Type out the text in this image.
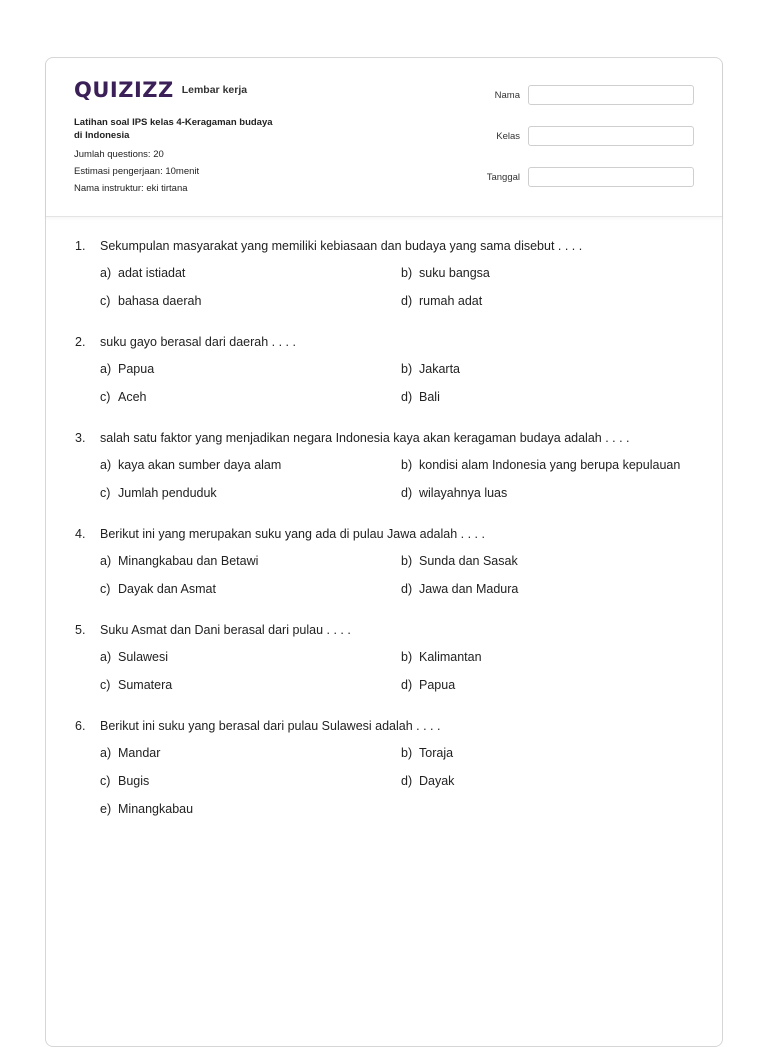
QUIZIZZ Lembar kerja
Latihan soal IPS kelas 4-Keragaman budaya
di Indonesia
Jumlah questions: 20
Estimasi pengerjaan: 10menit
Nama instruktur: eki tirtana
Nama
Kelas
Tanggal
1.	Sekumpulan masyarakat yang memiliki kebiasaan dan budaya yang sama disebut . . . .
a) adat istiadat	b) suku bangsa
c) bahasa daerah	d) rumah adat
2.	suku gayo berasal dari daerah . . . .
a) Papua	b) Jakarta
c) Aceh	d) Bali
3.	salah satu faktor yang menjadikan negara Indonesia kaya akan keragaman budaya adalah . . . .
a) kaya akan sumber daya alam	b) kondisi alam Indonesia yang berupa kepulauan
c) Jumlah penduduk	d) wilayahnya luas
4.	Berikut ini yang merupakan suku yang ada di pulau Jawa adalah . . . .
a) Minangkabau dan Betawi	b) Sunda dan Sasak
c) Dayak dan Asmat	d) Jawa dan Madura
5.	Suku Asmat dan Dani berasal dari pulau . . . .
a) Sulawesi	b) Kalimantan
c) Sumatera	d) Papua
6.	Berikut ini suku yang berasal dari pulau Sulawesi adalah . . . .
a) Mandar	b) Toraja
c) Bugis	d) Dayak
e) Minangkabau
